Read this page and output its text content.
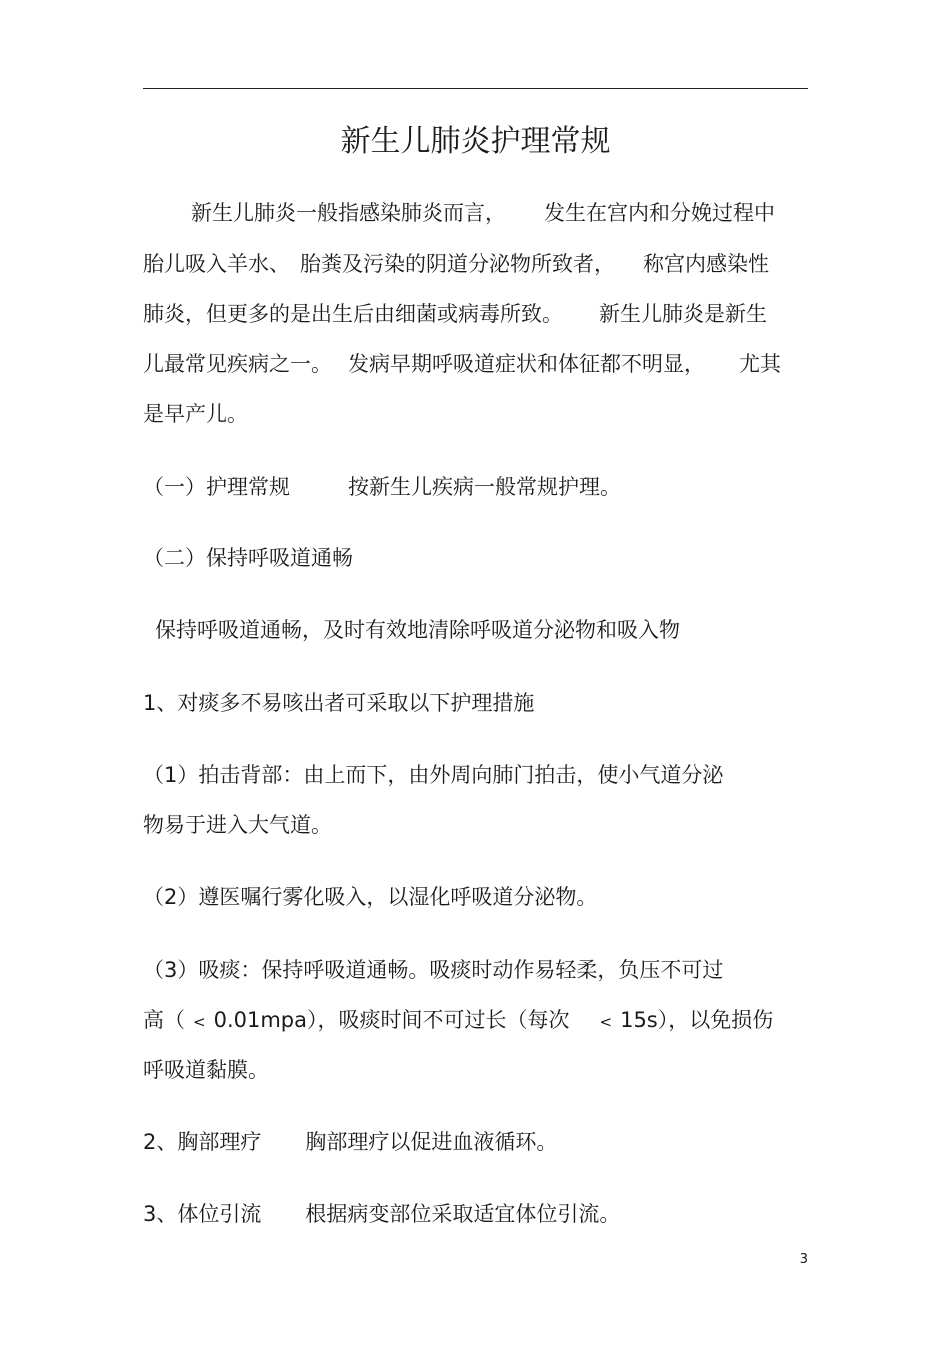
新生儿肺炎护理常规
新生儿肺炎一般指感染肺炎而言， 发生在宫内和分娩过程中
胎儿吸入羊水、 胎粪及污染的阴道分泌物所致者， 称宫内感染性
肺炎，但更多的是出生后由细菌或病毒所致。 新生儿肺炎是新生
儿最常见疾病之一。 发病早期呼吸道症状和体征都不明显， 尤其
是早产儿。
（一）护理常规	按新生儿疾病一般常规护理。
（二）保持呼吸道通畅
保持呼吸道通畅，及时有效地清除呼吸道分泌物和吸入物
1、对痰多不易咳出者可采取以下护理措施
（1）拍击背部：由上而下，由外周向肺门拍击，使小气道分泌
物易于进入大气道。
（2）遵医嘱行雾化吸入，以湿化呼吸道分泌物。
（3）吸痰：保持呼吸道通畅。吸痰时动作易轻柔，负压不可过
高（ < 0.01mpa），吸痰时间不可过长（每次 < 15s），以免损伤
呼吸道黏膜。
2、胸部理疗 胸部理疗以促进血液循环。
3、体位引流 根据病变部位采取适宜体位引流。
3
